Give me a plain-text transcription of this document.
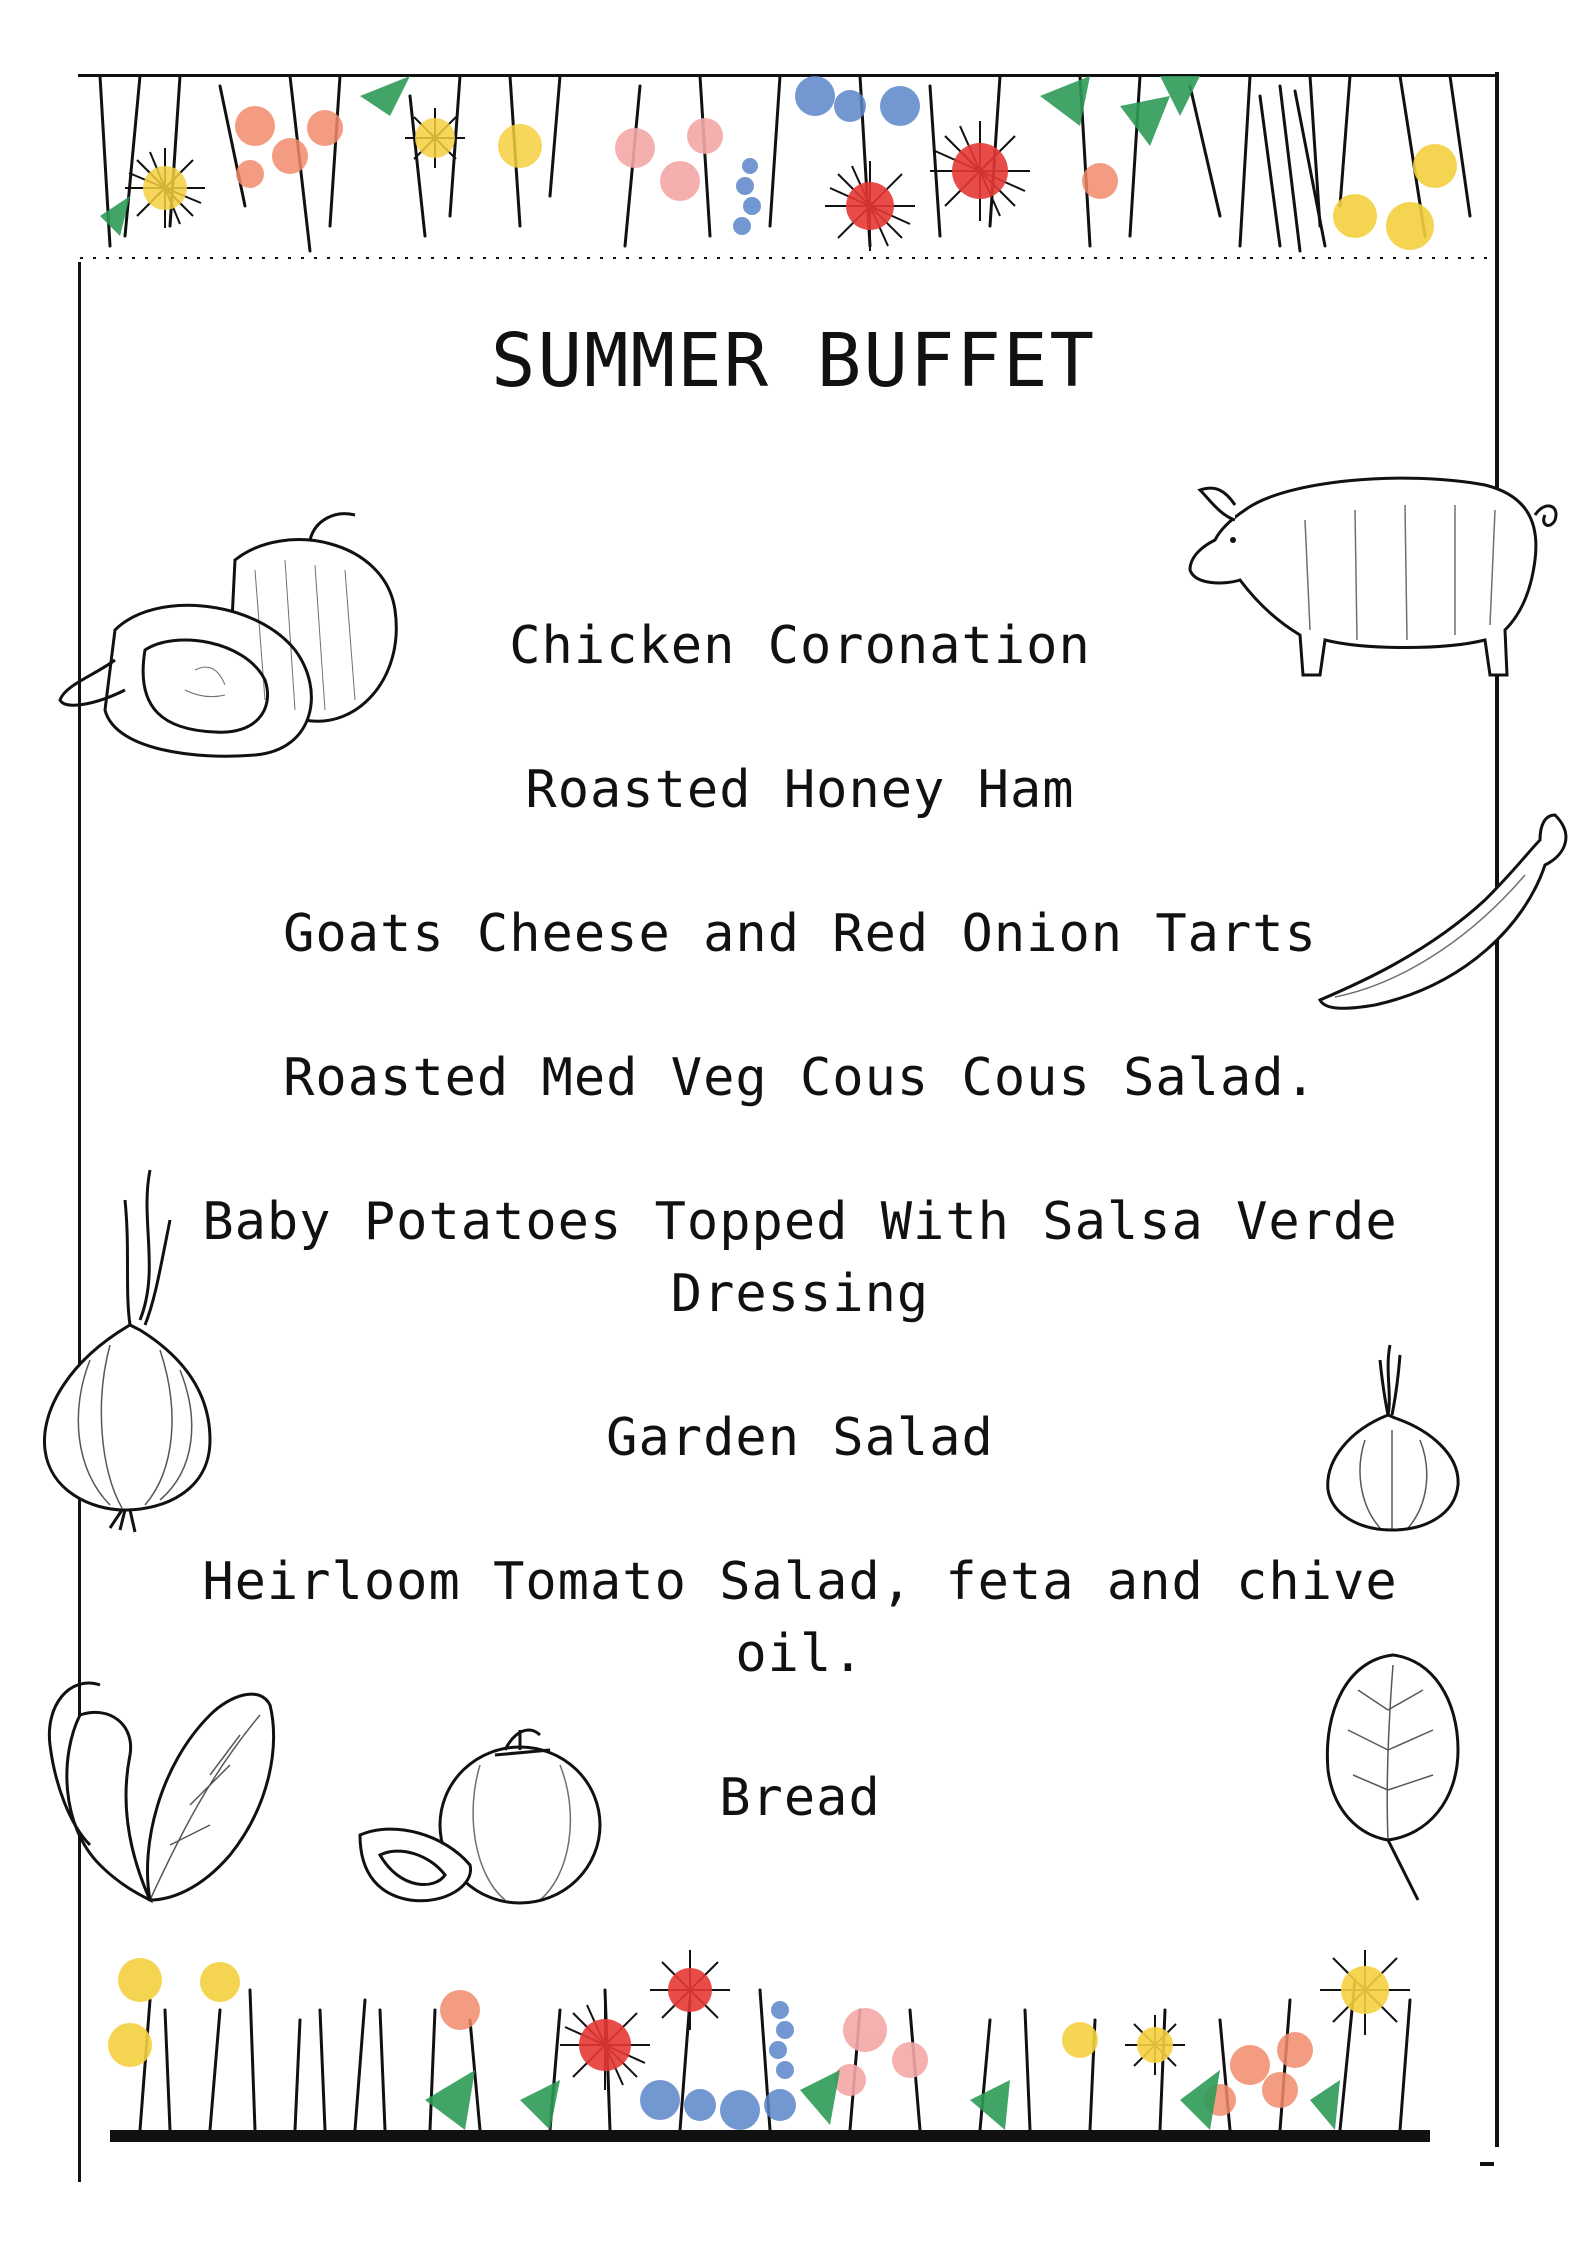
SUMMER BUFFET
Chicken Coronation
Roasted Honey Ham
Goats Cheese and Red Onion Tarts
Roasted Med Veg Cous Cous Salad.
Baby Potatoes Topped With Salsa Verde Dressing
Garden Salad
Heirloom Tomato Salad, feta and chive oil.
Bread
